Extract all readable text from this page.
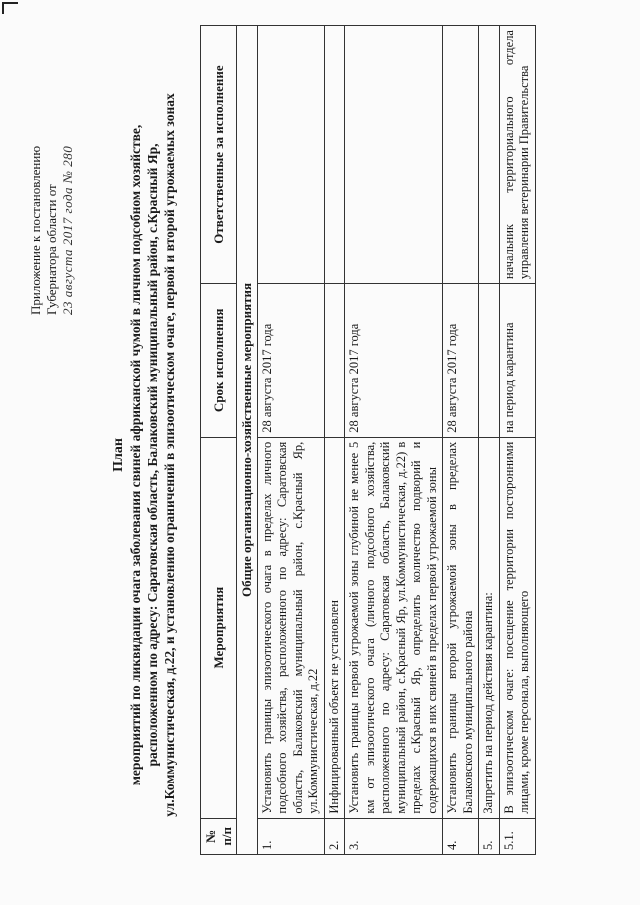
Приложение к постановлению Губернатора области от 23 августа 2017 года № 280
План мероприятий по ликвидации очага заболевания свиней африканской чумой в личном подсобном хозяйстве, расположенном по адресу: Саратовская область, Балаковский муниципальный район, с.Красный Яр, ул.Коммунистическая, д.22, и установлению ограничений в эпизоотическом очаге, первой и второй угрожаемых зонах
№ п/п	Мероприятия	Срок исполнения	Ответственные за исполнение
Общие организационно-хозяйственные мероприятия			
1.	Установить границы эпизоотического очага в пределах личного подсобного хозяйства, расположенного по адресу: Саратовская область, Балаковский муниципальный район, с.Красный Яр, ул.Коммунистическая, д.22	28 августа 2017 года	
2.	Инфицированный объект не установлен		
3.	Установить границы первой угрожаемой зоны глубиной не менее 5 км от эпизоотического очага (личного подсобного хозяйства, расположенного по адресу: Саратовская область, Балаковский муниципальный район, с.Красный Яр, ул.Коммунистическая, д.22) в пределах с.Красный Яр, определить количество подворий и содержащихся в них свиней в пределах первой угрожаемой зоны	28 августа 2017 года	
4.	Установить границы второй угрожаемой зоны в пределах Балаковского муниципального района	28 августа 2017 года	
5.	Запретить на период действия карантина:		
5.1.	В эпизоотическом очаге: посещение территории посторонними лицами, кроме персонала, выполняющего	на период карантина	начальник территориального отдела управления ветеринарии Правительства
